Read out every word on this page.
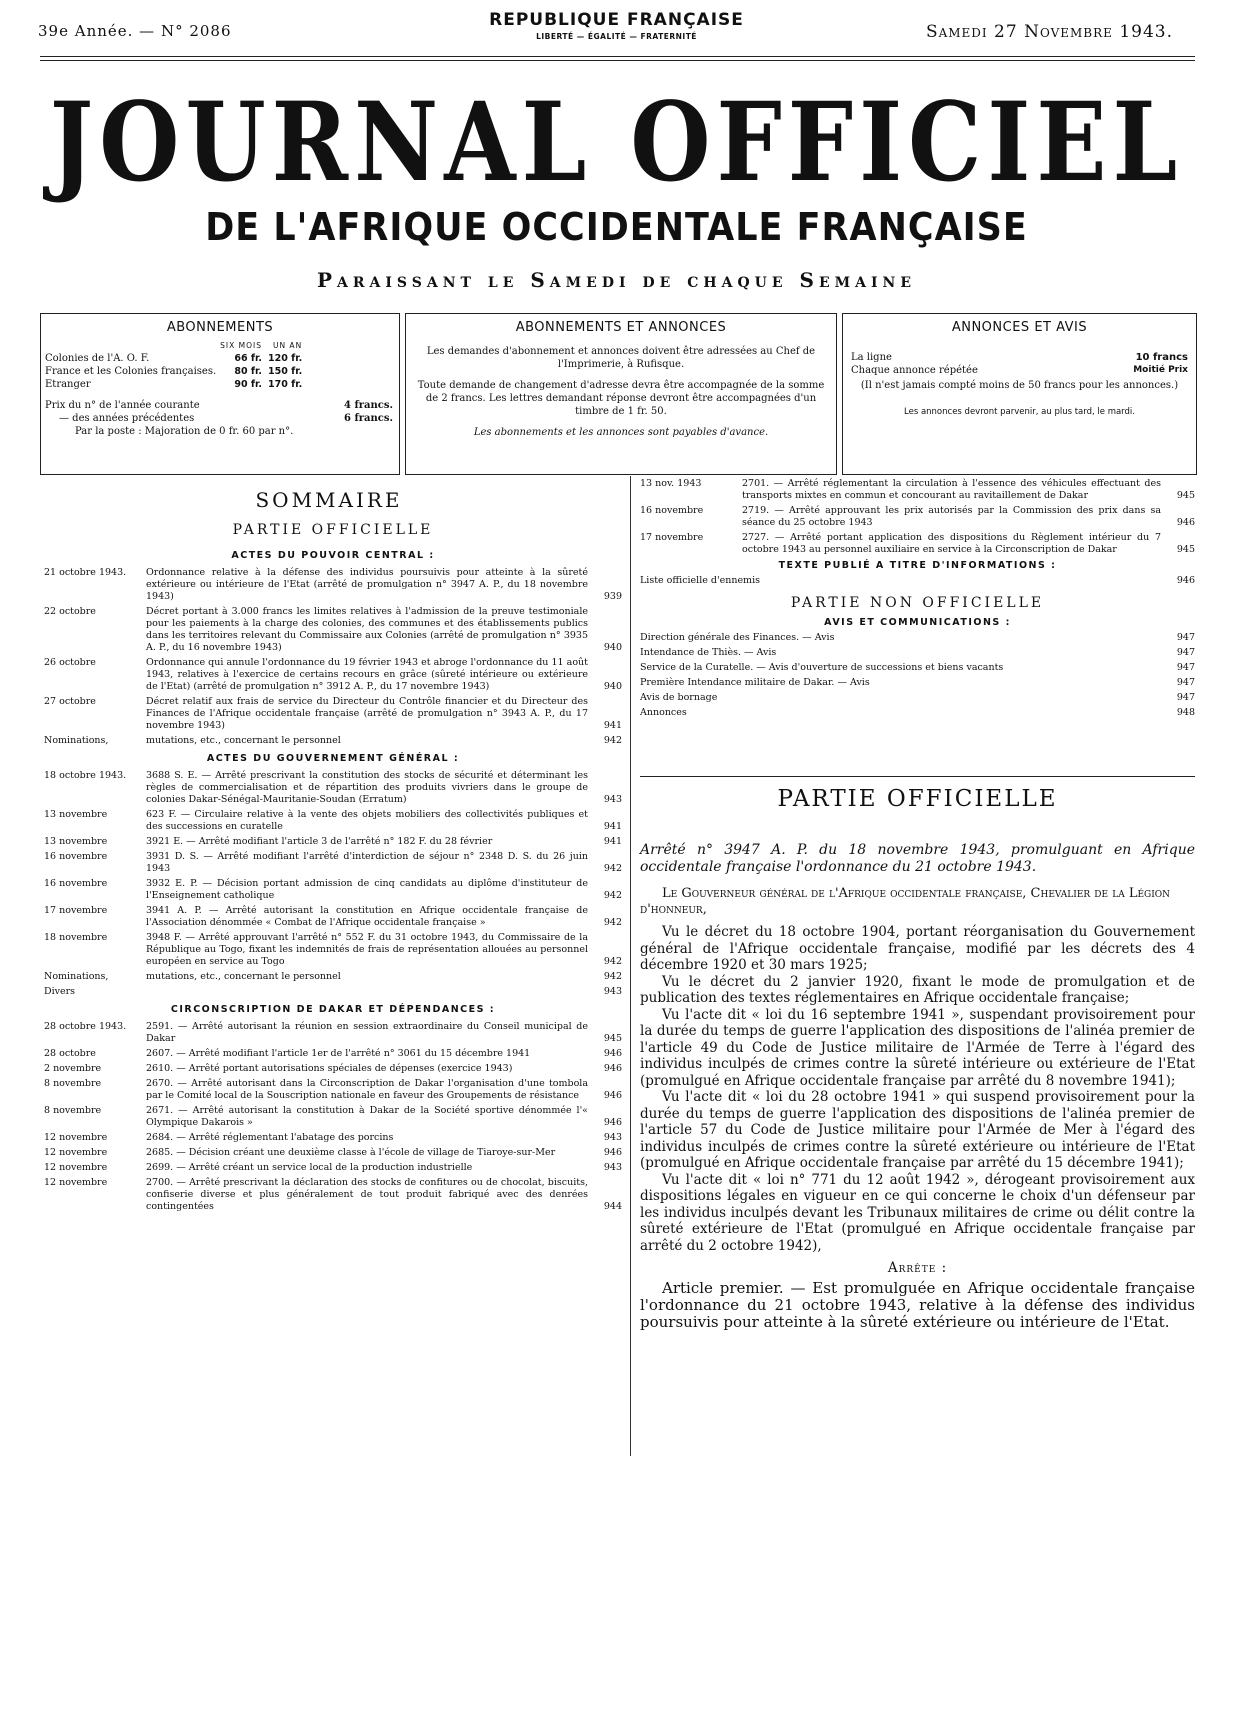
39e Année. — N° 2086
REPUBLIQUE FRANÇAISE
LIBERTÉ — ÉGALITÉ — FRATERNITÉ	Samedi 27 Novembre 1943.
JOURNAL OFFICIEL
DE L'AFRIQUE OCCIDENTALE FRANÇAISE
Paraissant le Samedi de chaque Semaine
ABONNEMENTS
	SIX MOIS	UN AN
Colonies de l'A. O. F.	66 fr.	120 fr.
France et les Colonies françaises.	80 fr.	150 fr.
Etranger	90 fr.	170 fr.
Prix du n° de l'année courante	4 francs.
— des années précédentes	6 francs.
Par la poste : Majoration de 0 fr. 60 par n°.
ABONNEMENTS ET ANNONCES
Les demandes d'abonnement et annonces doivent être adressées au Chef de l'Imprimerie, à Rufisque.
Toute demande de changement d'adresse devra être accompagnée de la somme de 2 francs. Les lettres demandant réponse devront être accompagnées d'un timbre de 1 fr. 50.
Les abonnements et les annonces sont payables d'avance.
ANNONCES ET AVIS
La ligne	10 francs
Chaque annonce répétée	Moitié Prix
(Il n'est jamais compté moins de 50 francs pour les annonces.)
Les annonces devront parvenir, au plus tard, le mardi.
SOMMAIRE
PARTIE OFFICIELLE
ACTES DU POUVOIR CENTRAL :
21 octobre 1943.	Ordonnance relative à la défense des individus poursuivis pour atteinte à la sûreté extérieure ou intérieure de l'Etat (arrêté de promulgation n° 3947 A. P., du 18 novembre 1943)	939
22 octobre	Décret portant à 3.000 francs les limites relatives à l'admission de la preuve testimoniale pour les paiements à la charge des colonies, des communes et des établissements publics dans les territoires relevant du Commissaire aux Colonies (arrêté de promulgation n° 3935 A. P., du 16 novembre 1943)	940
26 octobre	Ordonnance qui annule l'ordonnance du 19 février 1943 et abroge l'ordonnance du 11 août 1943, relatives à l'exercice de certains recours en grâce (sûreté intérieure ou extérieure de l'Etat) (arrêté de promulgation n° 3912 A. P., du 17 novembre 1943)	940
27 octobre	Décret relatif aux frais de service du Directeur du Contrôle financier et du Directeur des Finances de l'Afrique occidentale française (arrêté de promulgation n° 3943 A. P., du 17 novembre 1943)	941
Nominations,	mutations, etc., concernant le personnel	942
ACTES DU GOUVERNEMENT GÉNÉRAL :
18 octobre 1943.	3688 S. E. — Arrêté prescrivant la constitution des stocks de sécurité et déterminant les règles de commercialisation et de répartition des produits vivriers dans le groupe de colonies Dakar-Sénégal-Mauritanie-Soudan (Erratum)	943
13 novembre	623 F. — Circulaire relative à la vente des objets mobiliers des collectivités publiques et des successions en curatelle	941
13 novembre	3921 E. — Arrêté modifiant l'article 3 de l'arrêté n° 182 F. du 28 février	941
16 novembre	3931 D. S. — Arrêté modifiant l'arrêté d'interdiction de séjour n° 2348 D. S. du 26 juin 1943	942
16 novembre	3932 E. P. — Décision portant admission de cinq candidats au diplôme d'instituteur de l'Enseignement catholique	942
17 novembre	3941 A. P. — Arrêté autorisant la constitution en Afrique occidentale française de l'Association dénommée « Combat de l'Afrique occidentale française »	942
18 novembre	3948 F. — Arrêté approuvant l'arrêté n° 552 F. du 31 octobre 1943, du Commissaire de la République au Togo, fixant les indemnités de frais de représentation allouées au personnel européen en service au Togo	942
Nominations,	mutations, etc., concernant le personnel	942
Divers	943
CIRCONSCRIPTION DE DAKAR ET DÉPENDANCES :
28 octobre 1943.	2591. — Arrêté autorisant la réunion en session extraordinaire du Conseil municipal de Dakar	945
28 octobre	2607. — Arrêté modifiant l'article 1er de l'arrêté n° 3061 du 15 décembre 1941	946
2 novembre	2610. — Arrêté portant autorisations spéciales de dépenses (exercice 1943)	946
8 novembre	2670. — Arrêté autorisant dans la Circonscription de Dakar l'organisation d'une tombola par le Comité local de la Souscription nationale en faveur des Groupements de résistance	946
8 novembre	2671. — Arrêté autorisant la constitution à Dakar de la Société sportive dénommée l'« Olympique Dakarois »	946
12 novembre	2684. — Arrêté réglementant l'abatage des porcins	943
12 novembre	2685. — Décision créant une deuxième classe à l'école de village de Tiaroye-sur-Mer	946
12 novembre	2699. — Arrêté créant un service local de la production industrielle	943
12 novembre	2700. — Arrêté prescrivant la déclaration des stocks de confitures ou de chocolat, biscuits, confiserie diverse et plus généralement de tout produit fabriqué avec des denrées contingentées	944
13 nov. 1943	2701. — Arrêté réglementant la circulation à l'essence des véhicules effectuant des transports mixtes en commun et concourant au ravitaillement de Dakar	945
16 novembre	2719. — Arrêté approuvant les prix autorisés par la Commission des prix dans sa séance du 25 octobre 1943	946
17 novembre	2727. — Arrêté portant application des dispositions du Règlement intérieur du 7 octobre 1943 au personnel auxiliaire en service à la Circonscription de Dakar	945
TEXTE PUBLIÉ A TITRE D'INFORMATIONS :
Liste officielle d'ennemis	946
PARTIE NON OFFICIELLE
AVIS ET COMMUNICATIONS :
Direction générale des Finances. — Avis	947
Intendance de Thiès. — Avis	947
Service de la Curatelle. — Avis d'ouverture de successions et biens vacants	947
Première Intendance militaire de Dakar. — Avis	947
Avis de bornage	947
Annonces	948
PARTIE OFFICIELLE
Arrêté n° 3947 A. P. du 18 novembre 1943, promulguant en Afrique occidentale française l'ordonnance du 21 octobre 1943.
Le Gouverneur général de l'Afrique occidentale française, Chevalier de la Légion d'honneur,

Vu le décret du 18 octobre 1904, portant réorganisation du Gouvernement général de l'Afrique occidentale française, modifié par les décrets des 4 décembre 1920 et 30 mars 1925;

Vu le décret du 2 janvier 1920, fixant le mode de promulgation et de publication des textes réglementaires en Afrique occidentale française;

Vu l'acte dit « loi du 16 septembre 1941 », suspendant provisoirement pour la durée du temps de guerre l'application des dispositions de l'alinéa premier de l'article 49 du Code de Justice militaire de l'Armée de Terre à l'égard des individus inculpés de crimes contre la sûreté intérieure ou extérieure de l'Etat (promulgué en Afrique occidentale française par arrêté du 8 novembre 1941);

Vu l'acte dit « loi du 28 octobre 1941 » qui suspend provisoirement pour la durée du temps de guerre l'application des dispositions de l'alinéa premier de l'article 57 du Code de Justice militaire pour l'Armée de Mer à l'égard des individus inculpés de crimes contre la sûreté extérieure ou intérieure de l'Etat (promulgué en Afrique occidentale française par arrêté du 15 décembre 1941);

Vu l'acte dit « loi n° 771 du 12 août 1942 », dérogeant provisoirement aux dispositions légales en vigueur en ce qui concerne le choix d'un défenseur par les individus inculpés devant les Tribunaux militaires de crime ou délit contre la sûreté extérieure de l'Etat (promulgué en Afrique occidentale française par arrêté du 2 octobre 1942),

Arrête :
Article premier. — Est promulguée en Afrique occidentale française l'ordonnance du 21 octobre 1943, relative à la défense des individus poursuivis pour atteinte à la sûreté extérieure ou intérieure de l'Etat.
